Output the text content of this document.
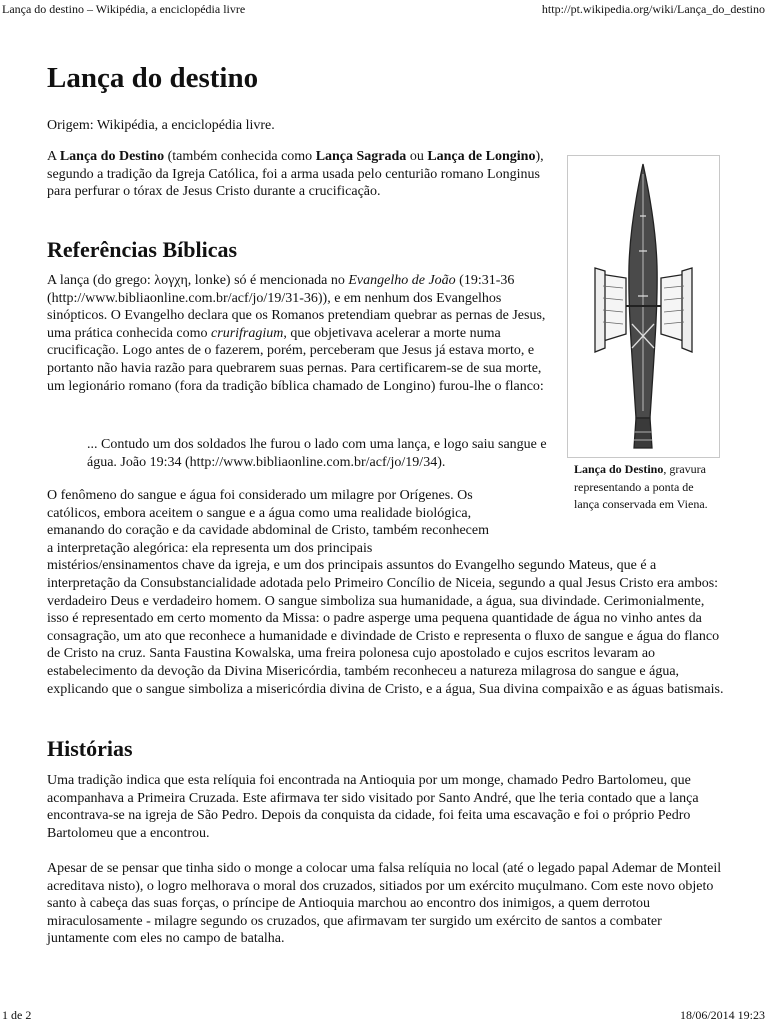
Lança do destino – Wikipédia, a enciclopédia livre	http://pt.wikipedia.org/wiki/Lança_do_destino
Lança do destino

Origem: Wikipédia, a enciclopédia livre.

A Lança do Destino (também conhecida como Lança Sagrada ou Lança de Longino), segundo a tradição da Igreja Católica, foi a arma usada pelo centurião romano Longinus para perfurar o tórax de Jesus Cristo durante a crucificação.

Referências Bíblicas

A lança (do grego: λογχη, lonke) só é mencionada no Evangelho de João (19:31-36 (http://www.bibliaonline.com.br/acf/jo/19/31-36)), e em nenhum dos Evangelhos sinópticos. O Evangelho declara que os Romanos pretendiam quebrar as pernas de Jesus, uma prática conhecida como crurifragium, que objetivava acelerar a morte numa crucificação. Logo antes de o fazerem, porém, perceberam que Jesus já estava morto, e portanto não havia razão para quebrarem suas pernas. Para certificarem-se de sua morte, um legionário romano (fora da tradição bíblica chamado de Longino) furou-lhe o flanco:

... Contudo um dos soldados lhe furou o lado com uma lança, e logo saiu sangue e água. João 19:34 (http://www.bibliaonline.com.br/acf/jo/19/34).

O fenômeno do sangue e água foi considerado um milagre por Orígenes. Os
católicos, embora aceitem o sangue e a água como uma realidade biológica,
emanando do coração e da cavidade abdominal de Cristo, também reconhecem
a interpretação alegórica: ela representa um dos principais
mistérios/ensinamentos chave da igreja, e um dos principais assuntos do Evangelho segundo Mateus, que é a interpretação da Consubstancialidade adotada pelo Primeiro Concílio de Niceia, segundo a qual Jesus Cristo era ambos: verdadeiro Deus e verdadeiro homem. O sangue simboliza sua humanidade, a água, sua divindade. Cerimonialmente, isso é representado em certo momento da Missa: o padre asperge uma pequena quantidade de água no vinho antes da consagração, um ato que reconhece a humanidade e divindade de Cristo e representa o fluxo de sangue e água do flanco de Cristo na cruz. Santa Faustina Kowalska, uma freira polonesa cujo apostolado e cujos escritos levaram ao estabelecimento da devoção da Divina Misericórdia, também reconheceu a natureza milagrosa do sangue e água, explicando que o sangue simboliza a misericórdia divina de Cristo, e a água, Sua divina compaixão e as águas batismais.

Histórias

Uma tradição indica que esta relíquia foi encontrada na Antioquia por um monge, chamado Pedro Bartolomeu, que acompanhava a Primeira Cruzada. Este afirmava ter sido visitado por Santo André, que lhe teria contado que a lança encontrava-se na igreja de São Pedro. Depois da conquista da cidade, foi feita uma escavação e foi o próprio Pedro Bartolomeu que a encontrou.

Apesar de se pensar que tinha sido o monge a colocar uma falsa relíquia no local (até o legado papal Ademar de Monteil acreditava nisto), o logro melhorava o moral dos cruzados, sitiados por um exército muçulmano. Com este novo objeto santo à cabeça das suas forças, o príncipe de Antioquia marchou ao encontro dos inimigos, a quem derrotou miraculosamente - milagre segundo os cruzados, que afirmavam ter surgido um exército de santos a combater juntamente com eles no campo de batalha.

Lança do Destino, gravura representando a ponta de lança conservada em Viena.

1 de 2	18/06/2014 19:23
